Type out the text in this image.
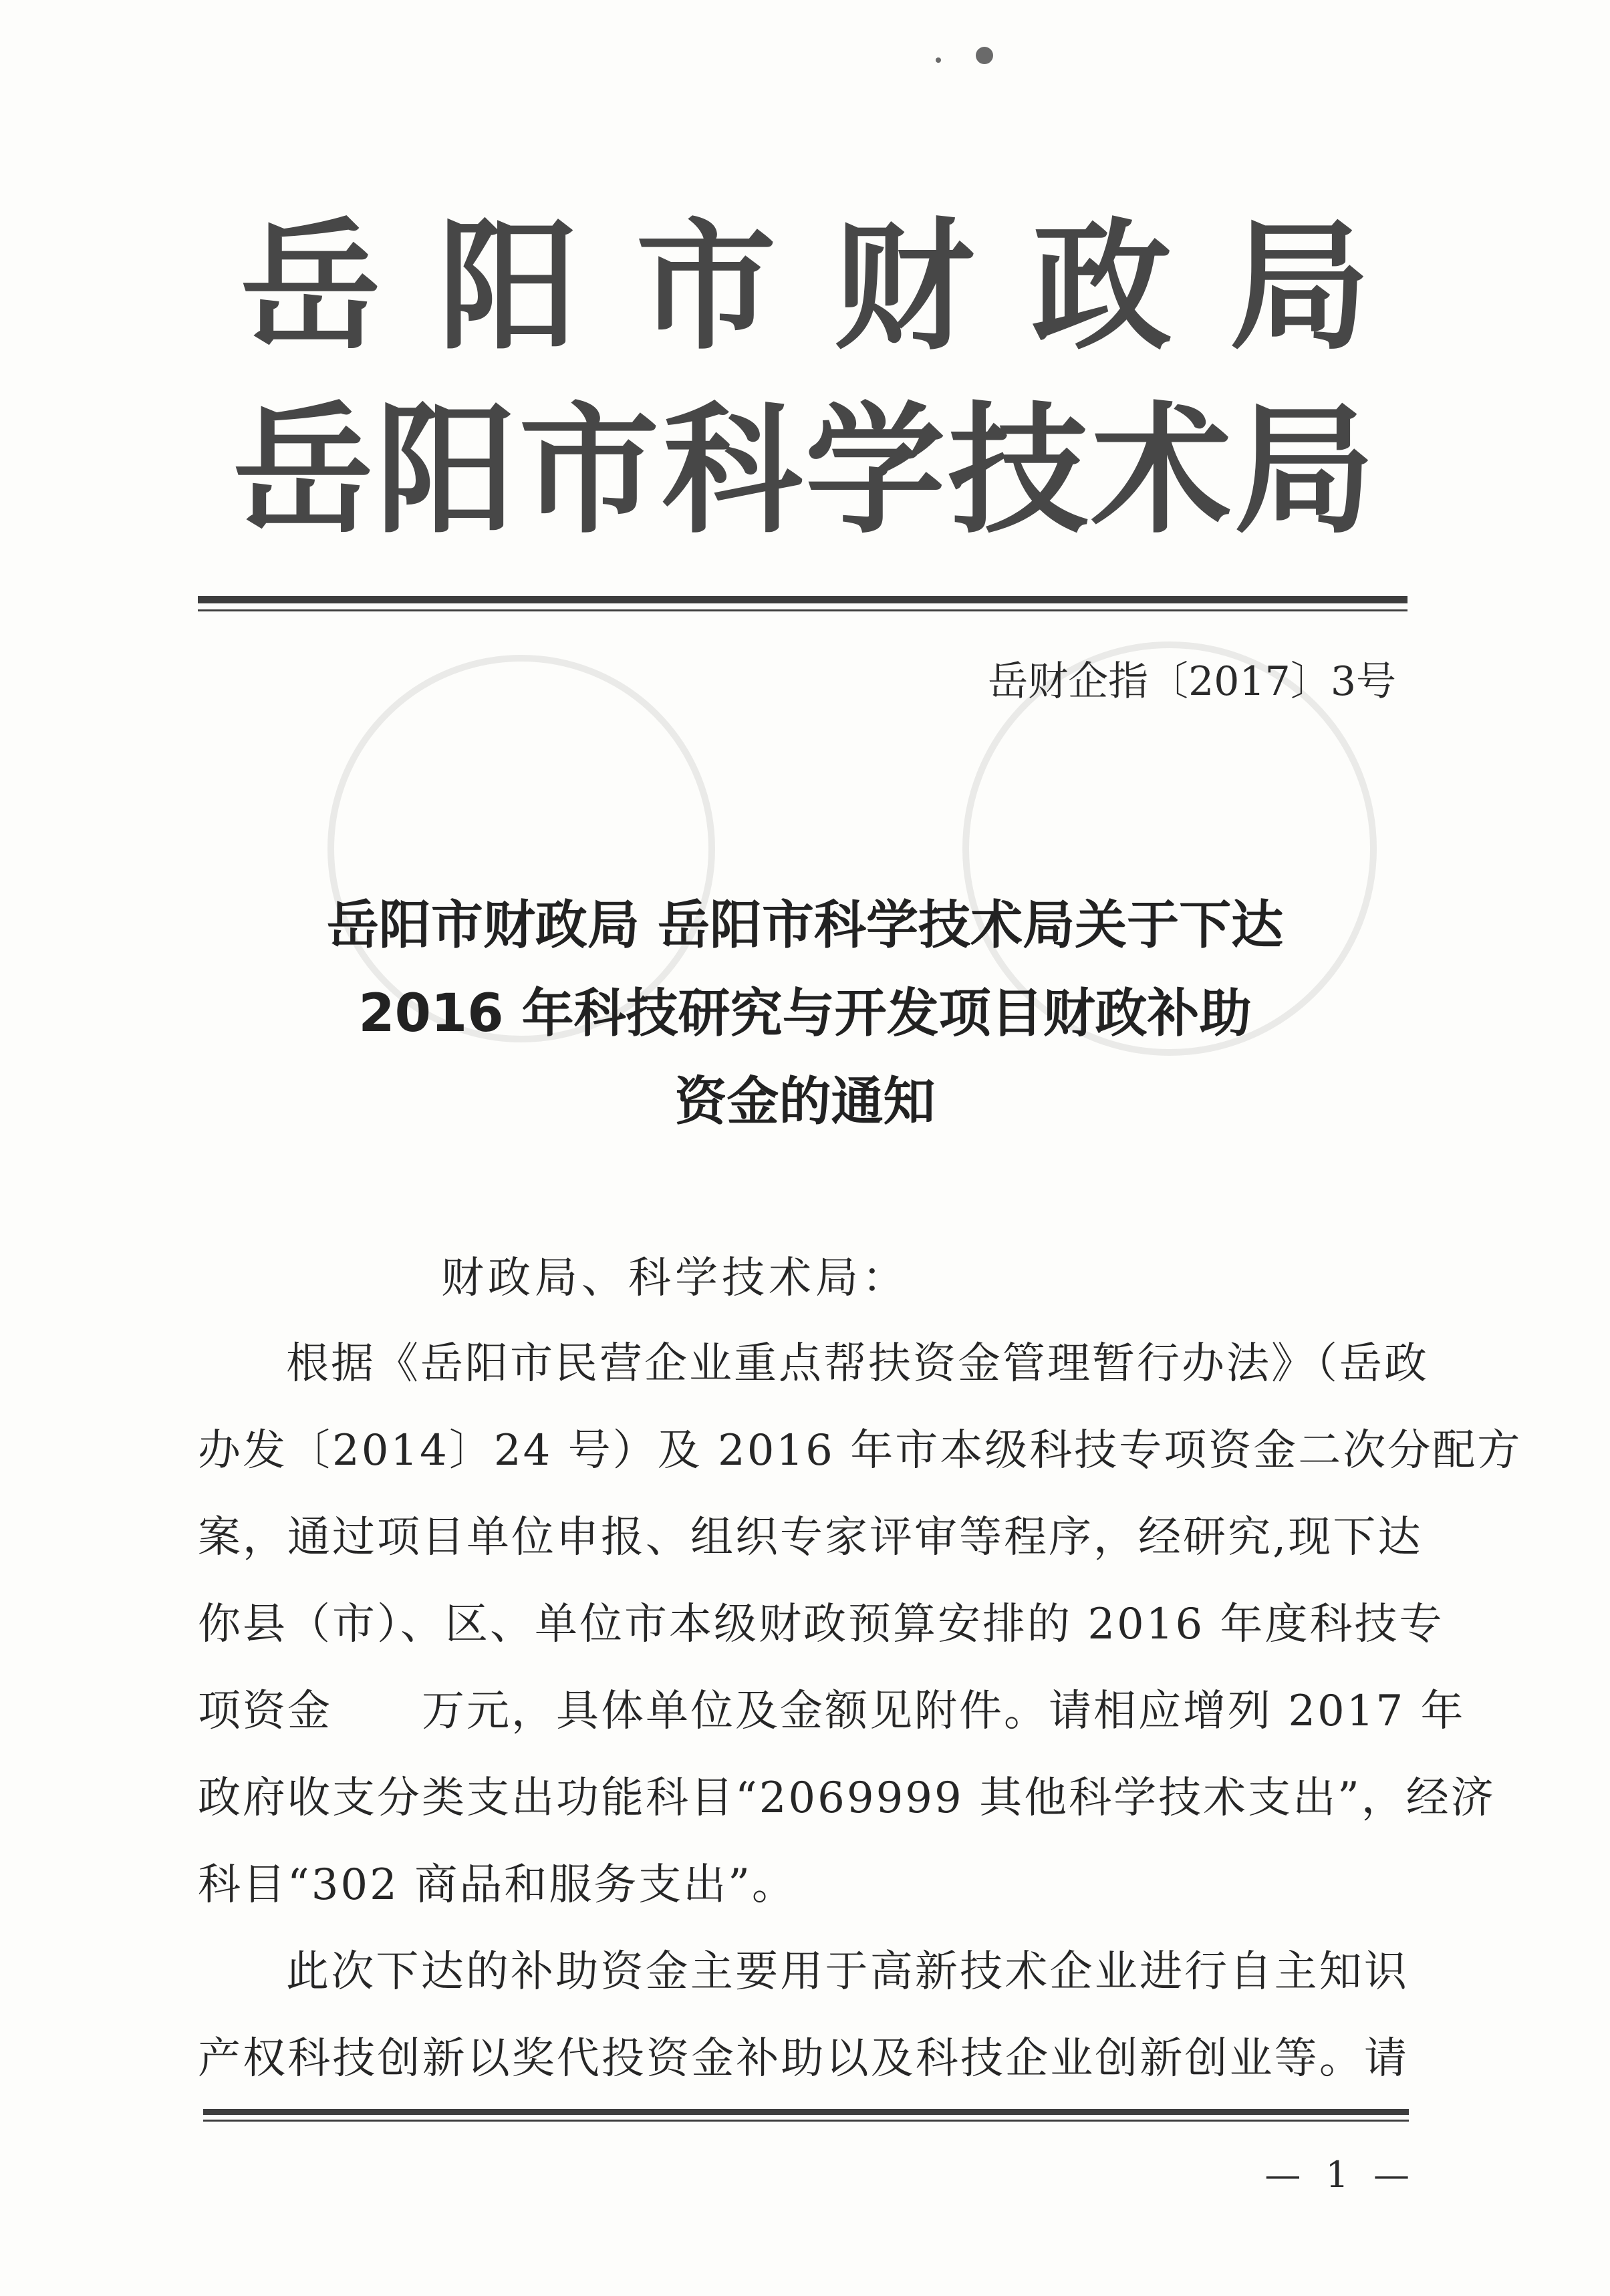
岳阳市财政局
岳阳市科学技术局
岳财企指〔2017〕3号
岳阳市财政局 岳阳市科学技术局关于下达
2016 年科技研究与开发项目财政补助
资金的通知
财政局、科学技术局：
根据《岳阳市民营企业重点帮扶资金管理暂行办法》（岳政
办发〔2014〕24 号）及 2016 年市本级科技专项资金二次分配方
案，通过项目单位申报、组织专家评审等程序，经研究,现下达
你县（市）、区、单位市本级财政预算安排的 2016 年度科技专
项资金　　万元，具体单位及金额见附件。请相应增列 2017 年
政府收支分类支出功能科目“2069999 其他科学技术支出”，经济
科目“302 商品和服务支出”。
此次下达的补助资金主要用于高新技术企业进行自主知识
产权科技创新以奖代投资金补助以及科技企业创新创业等。请
— 1 —
